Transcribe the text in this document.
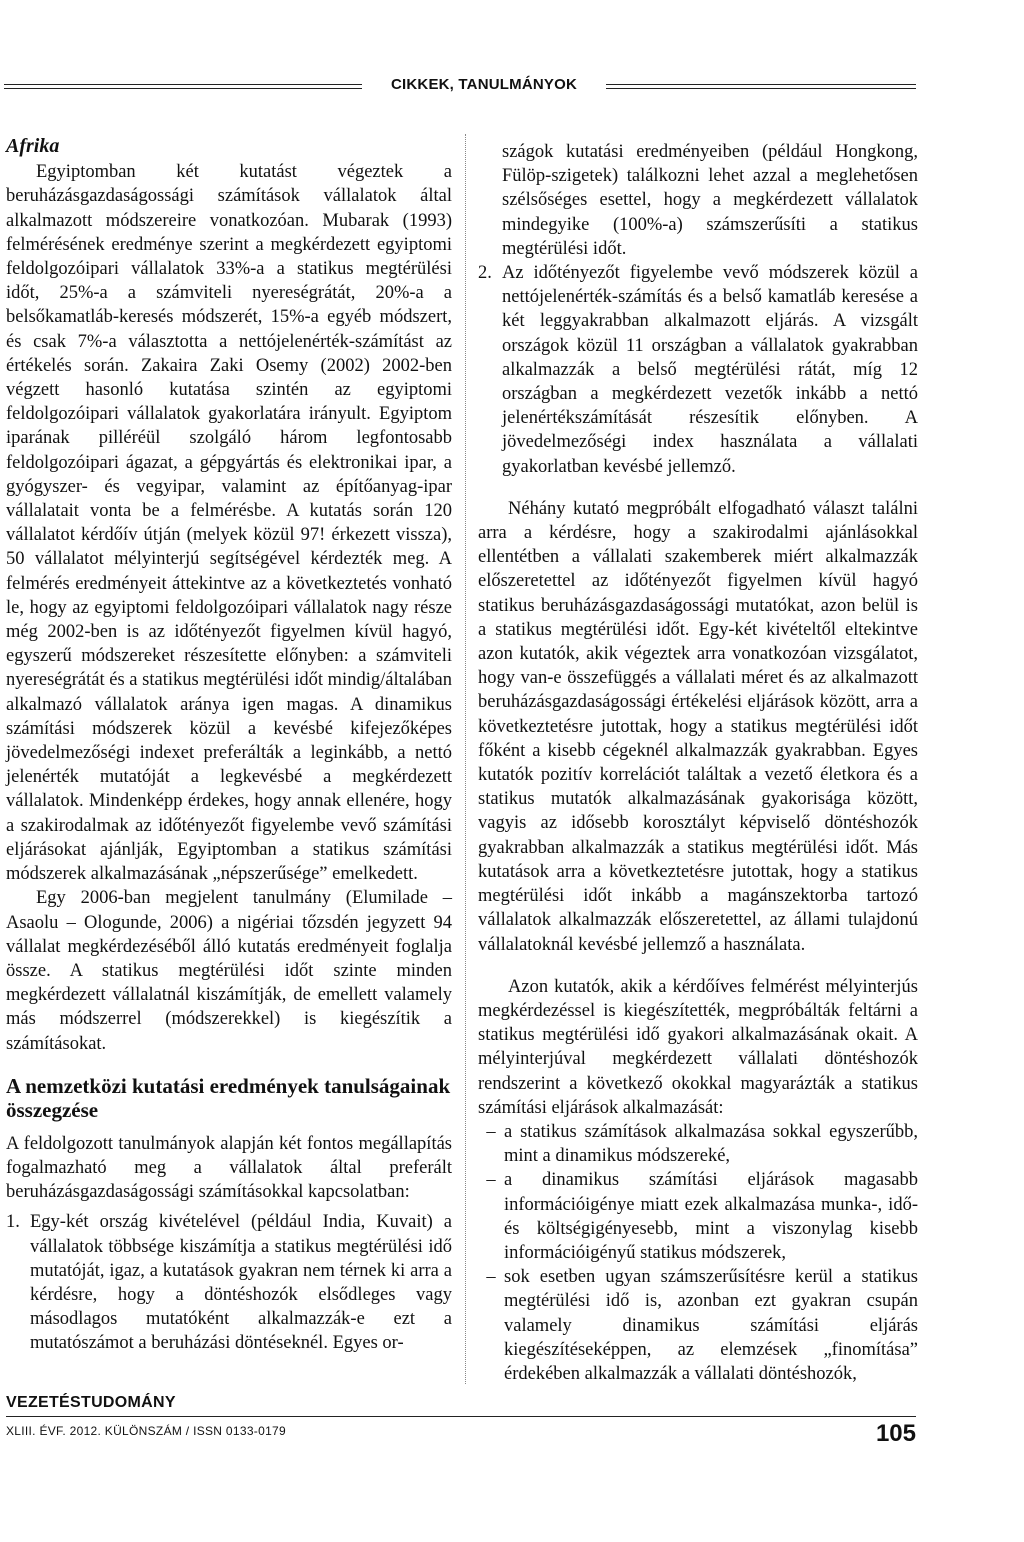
CIKKEK, TANULMÁNYOK

Afrika

Egyiptomban két kutatást végeztek a beruházásgazdaságossági számítások vállalatok által alkalmazott módszereire vonatkozóan. Mubarak (1993) felmérésének eredménye szerint a megkérdezett egyiptomi feldolgozóipari vállalatok 33%-a a statikus megtérülési időt, 25%-a a számviteli nyereségrátát, 20%-a a belsőkamatláb-keresés módszerét, 15%-a egyéb módszert, és csak 7%-a választotta a nettójelenérték-számítást az értékelés során. Zakaira Zaki Osemy (2002) 2002-ben végzett hasonló kutatása szintén az egyiptomi feldolgozóipari vállalatok gyakorlatára irányult. Egyiptom iparának pilléréül szolgáló három legfontosabb feldolgozóipari ágazat, a gépgyártás és elektronikai ipar, a gyógyszer- és vegyipar, valamint az építőanyag-ipar vállalatait vonta be a felmérésbe. A kutatás során 120 vállalatot kérdőív útján (melyek közül 97! érkezett vissza), 50 vállalatot mélyinterjú segítségével kérdezték meg. A felmérés eredményeit áttekintve az a következtetés vonható le, hogy az egyiptomi feldolgozóipari vállalatok nagy része még 2002-ben is az időtényezőt figyelmen kívül hagyó, egyszerű módszereket részesítette előnyben: a számviteli nyereségrátát és a statikus megtérülési időt mindig/általában alkalmazó vállalatok aránya igen magas. A dinamikus számítási módszerek közül a kevésbé kifejezőképes jövedelmezőségi indexet preferálták a leginkább, a nettó jelenérték mutatóját a legkevésbé a megkérdezett vállalatok. Mindenképp érdekes, hogy annak ellenére, hogy a szakirodalmak az időtényezőt figyelembe vevő számítási eljárásokat ajánlják, Egyiptomban a statikus számítási módszerek alkalmazásának „népszerűsége” emelkedett.

Egy 2006-ban megjelent tanulmány (Elumilade – Asaolu – Ologunde, 2006) a nigériai tőzsdén jegyzett 94 vállalat megkérdezéséből álló kutatás eredményeit foglalja össze. A statikus megtérülési időt szinte minden megkérdezett vállalatnál kiszámítják, de emellett valamely más módszerrel (módszerekkel) is kiegészítik a számításokat.

A nemzetközi kutatási eredmények tanulságainak összegzése

A feldolgozott tanulmányok alapján két fontos megállapítás fogalmazható meg a vállalatok által preferált beruházásgazdaságossági számításokkal kapcsolatban:

1. Egy-két ország kivételével (például India, Kuvait) a vállalatok többsége kiszámítja a statikus megtérülési idő mutatóját, igaz, a kutatások gyakran nem térnek ki arra a kérdésre, hogy a döntéshozók elsődleges vagy másodlagos mutatóként alkalmazzák-e ezt a mutatószámot a beruházási döntéseknél. Egyes or-
szágok kutatási eredményeiben (például Hongkong, Fülöp-szigetek) találkozni lehet azzal a meglehetősen szélsőséges esettel, hogy a megkérdezett vállalatok mindegyike (100%-a) számszerűsíti a statikus megtérülési időt.
2. Az időtényezőt figyelembe vevő módszerek közül a nettójelenérték-számítás és a belső kamatláb keresése a két leggyakrabban alkalmazott eljárás. A vizsgált országok közül 11 országban a vállalatok gyakrabban alkalmazzák a belső megtérülési rátát, míg 12 országban a megkérdezett vezetők inkább a nettó jelenértékszámítását részesítik előnyben. A jövedelmezőségi index használata a vállalati gyakorlatban kevésbé jellemző.

Néhány kutató megpróbált elfogadható választ találni arra a kérdésre, hogy a szakirodalmi ajánlásokkal ellentétben a vállalati szakemberek miért alkalmazzák előszeretettel az időtényezőt figyelmen kívül hagyó statikus beruházásgazdaságossági mutatókat, azon belül is a statikus megtérülési időt. Egy-két kivételtől eltekintve azon kutatók, akik végeztek arra vonatkozóan vizsgálatot, hogy van-e összefüggés a vállalati méret és az alkalmazott beruházásgazdaságossági értékelési eljárások között, arra a következtetésre jutottak, hogy a statikus megtérülési időt főként a kisebb cégeknél alkalmazzák gyakrabban. Egyes kutatók pozitív korrelációt találtak a vezető életkora és a statikus mutatók alkalmazásának gyakorisága között, vagyis az idősebb korosztályt képviselő döntéshozók gyakrabban alkalmazzák a statikus megtérülési időt. Más kutatások arra a következtetésre jutottak, hogy a statikus megtérülési időt inkább a magánszektorba tartozó vállalatok alkalmazzák előszeretettel, az állami tulajdonú vállalatoknál kevésbé jellemző a használata.

Azon kutatók, akik a kérdőíves felmérést mélyinterjús megkérdezéssel is kiegészítették, megpróbálták feltárni a statikus megtérülési idő gyakori alkalmazásának okait. A mélyinterjúval megkérdezett vállalati döntéshozók rendszerint a következő okokkal magyarázták a statikus számítási eljárások alkalmazását:

– a statikus számítások alkalmazása sokkal egyszerűbb, mint a dinamikus módszereké,
– a dinamikus számítási eljárások magasabb információigénye miatt ezek alkalmazása munka-, idő- és költségigényesebb, mint a viszonylag kisebb információigényű statikus módszerek,
– sok esetben ugyan számszerűsítésre kerül a statikus megtérülési idő is, azonban ezt gyakran csupán valamely dinamikus számítási eljárás kiegészítéseképpen, az elemzések „finomítása” érdekében alkalmazzák a vállalati döntéshozók,
VEZETÉSTUDOMÁNY
XLIII. ÉVF. 2012. KÜLÖNSZÁM / ISSN 0133-0179	105
